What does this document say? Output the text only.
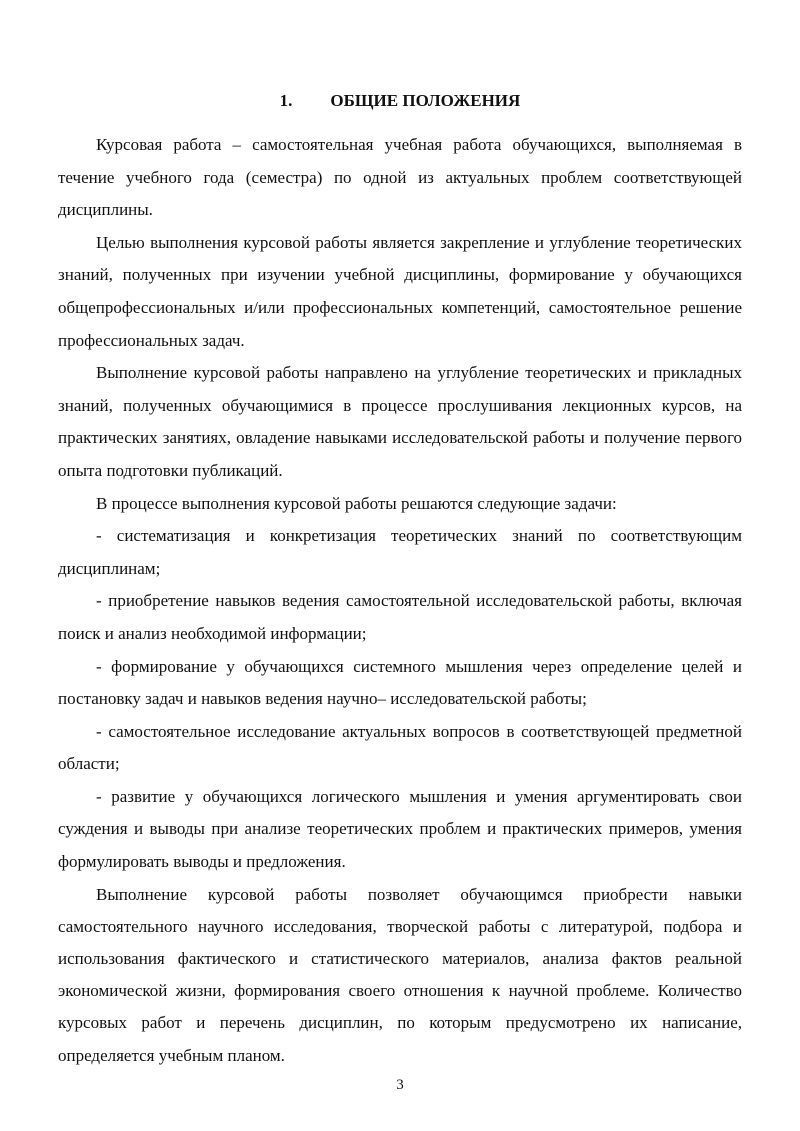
1. ОБЩИЕ ПОЛОЖЕНИЯ

Курсовая работа – самостоятельная учебная работа обучающихся, выполняемая в течение учебного года (семестра) по одной из актуальных проблем соответствующей дисциплины.

Целью выполнения курсовой работы является закрепление и углубление теоретических знаний, полученных при изучении учебной дисциплины, формирование у обучающихся общепрофессиональных и/или профессиональных компетенций, самостоятельное решение профессиональных задач.

Выполнение курсовой работы направлено на углубление теоретических и прикладных знаний, полученных обучающимися в процессе прослушивания лекционных курсов, на практических занятиях, овладение навыками исследовательской работы и получение первого опыта подготовки публикаций.

В процессе выполнения курсовой работы решаются следующие задачи:

- систематизация и конкретизация теоретических знаний по соответствующим дисциплинам;

- приобретение навыков ведения самостоятельной исследовательской работы, включая поиск и анализ необходимой информации;

- формирование у обучающихся системного мышления через определение целей и постановку задач и навыков ведения научно– исследовательской работы;

- самостоятельное исследование актуальных вопросов в соответствующей предметной области;

- развитие у обучающихся логического мышления и умения аргументировать свои суждения и выводы при анализе теоретических проблем и практических примеров, умения формулировать выводы и предложения.

Выполнение курсовой работы позволяет обучающимся приобрести навыки самостоятельного научного исследования, творческой работы с литературой, подбора и использования фактического и статистического материалов, анализа фактов реальной экономической жизни, формирования своего отношения к научной проблеме. Количество курсовых работ и перечень дисциплин, по которым предусмотрено их написание, определяется учебным планом.

3
